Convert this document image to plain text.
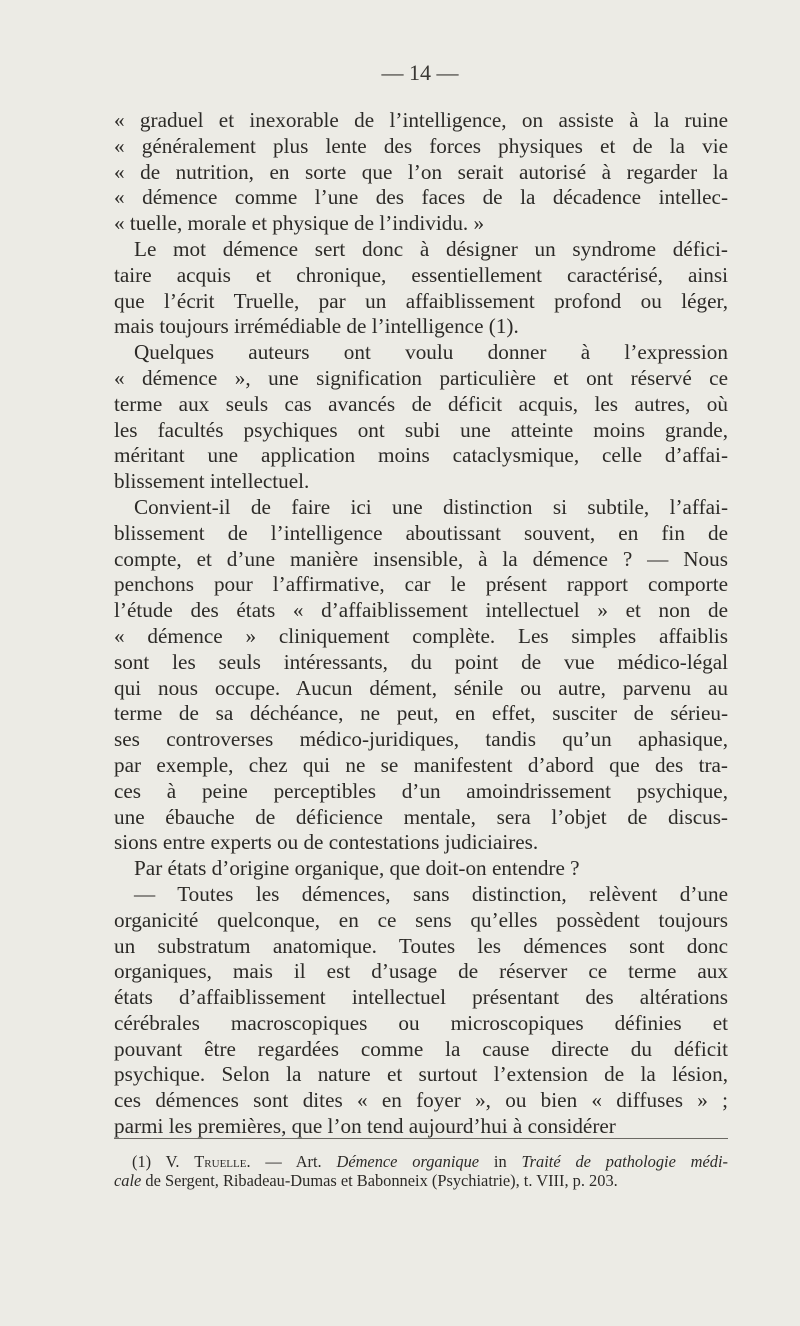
— 14 —
« graduel et inexorable de l’intelligence, on assiste à la ruine
« généralement plus lente des forces physiques et de la vie
« de nutrition, en sorte que l’on serait autorisé à regarder la
« démence comme l’une des faces de la décadence intellec-
« tuelle, morale et physique de l’individu. »
Le mot démence sert donc à désigner un syndrome défici-
taire acquis et chronique, essentiellement caractérisé, ainsi
que l’écrit Truelle, par un affaiblissement profond ou léger,
mais toujours irrémédiable de l’intelligence (1).
Quelques auteurs ont voulu donner à l’expression
« démence », une signification particulière et ont réservé ce
terme aux seuls cas avancés de déficit acquis, les autres, où
les facultés psychiques ont subi une atteinte moins grande,
méritant une application moins cataclysmique, celle d’affai-
blissement intellectuel.
Convient-il de faire ici une distinction si subtile, l’affai-
blissement de l’intelligence aboutissant souvent, en fin de
compte, et d’une manière insensible, à la démence ? — Nous
penchons pour l’affirmative, car le présent rapport comporte
l’étude des états « d’affaiblissement intellectuel » et non de
« démence » cliniquement complète. Les simples affaiblis
sont les seuls intéressants, du point de vue médico-légal
qui nous occupe. Aucun dément, sénile ou autre, parvenu au
terme de sa déchéance, ne peut, en effet, susciter de sérieu-
ses controverses médico-juridiques, tandis qu’un aphasique,
par exemple, chez qui ne se manifestent d’abord que des tra-
ces à peine perceptibles d’un amoindrissement psychique,
une ébauche de déficience mentale, sera l’objet de discus-
sions entre experts ou de contestations judiciaires.
Par états d’origine organique, que doit-on entendre ?
— Toutes les démences, sans distinction, relèvent d’une
organicité quelconque, en ce sens qu’elles possèdent toujours
un substratum anatomique. Toutes les démences sont donc
organiques, mais il est d’usage de réserver ce terme aux
états d’affaiblissement intellectuel présentant des altérations
cérébrales macroscopiques ou microscopiques définies et
pouvant être regardées comme la cause directe du déficit
psychique. Selon la nature et surtout l’extension de la lésion,
ces démences sont dites « en foyer », ou bien « diffuses » ;
parmi les premières, que l’on tend aujourd’hui à considérer
(1) V. Truelle. — Art. Démence organique in Traité de pathologie médi-
cale de Sergent, Ribadeau-Dumas et Babonneix (Psychiatrie), t. VIII, p. 203.
